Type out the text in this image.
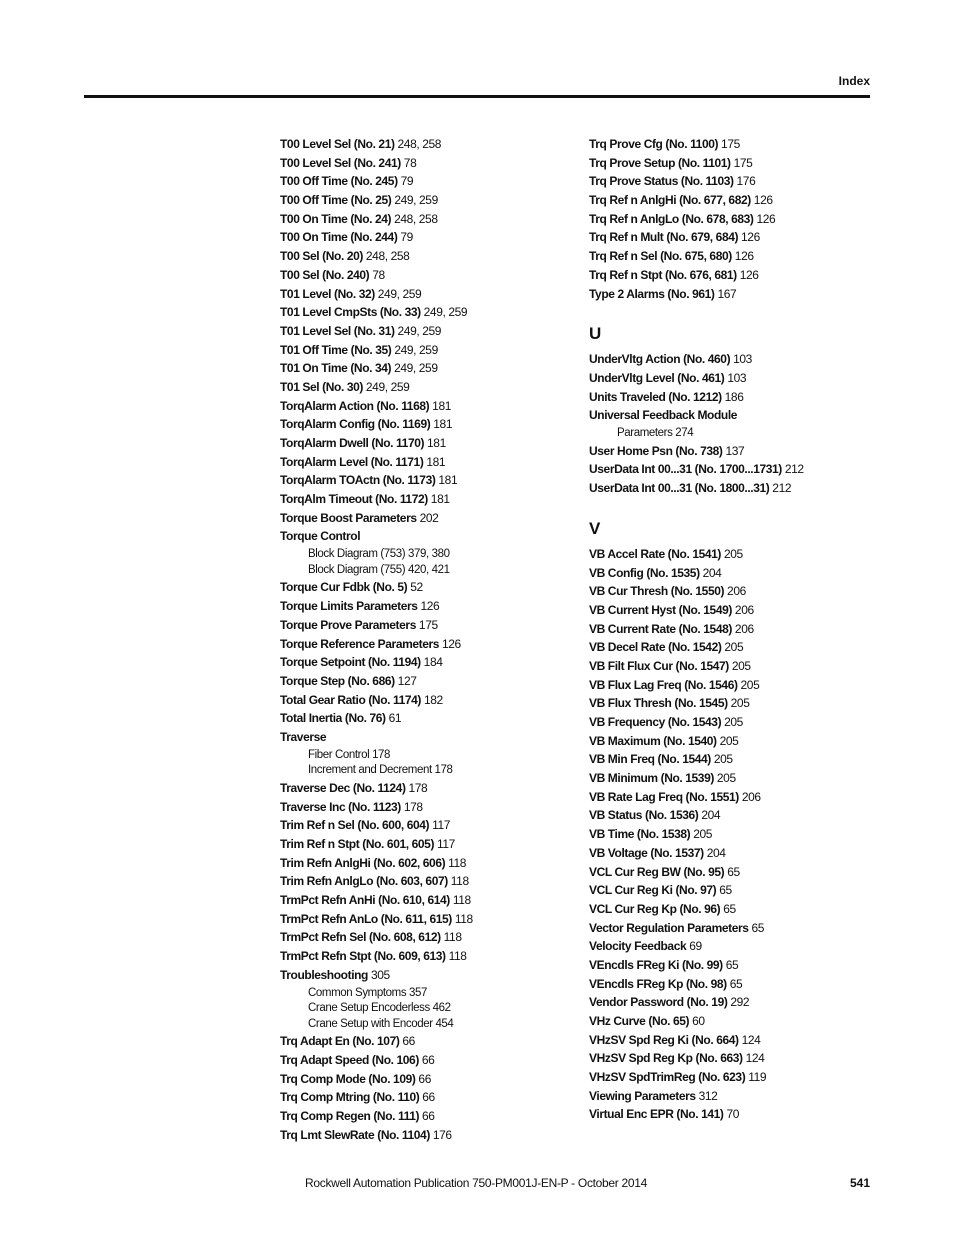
Index
T00 Level Sel (No. 21) 248, 258
T00 Level Sel (No. 241) 78
T00 Off Time (No. 245) 79
T00 Off Time (No. 25) 249, 259
T00 On Time (No. 24) 248, 258
T00 On Time (No. 244) 79
T00 Sel (No. 20) 248, 258
T00 Sel (No. 240) 78
T01 Level (No. 32) 249, 259
T01 Level CmpSts (No. 33) 249, 259
T01 Level Sel (No. 31) 249, 259
T01 Off Time (No. 35) 249, 259
T01 On Time (No. 34) 249, 259
T01 Sel (No. 30) 249, 259
TorqAlarm Action (No. 1168) 181
TorqAlarm Config (No. 1169) 181
TorqAlarm Dwell (No. 1170) 181
TorqAlarm Level (No. 1171) 181
TorqAlarm TOActn (No. 1173) 181
TorqAlm Timeout (No. 1172) 181
Torque Boost Parameters 202
Torque Control
Block Diagram (753) 379, 380
Block Diagram (755) 420, 421
Torque Cur Fdbk (No. 5) 52
Torque Limits Parameters 126
Torque Prove Parameters 175
Torque Reference Parameters 126
Torque Setpoint (No. 1194) 184
Torque Step (No. 686) 127
Total Gear Ratio (No. 1174) 182
Total Inertia (No. 76) 61
Traverse
Fiber Control 178
Increment and Decrement 178
Traverse Dec (No. 1124) 178
Traverse Inc (No. 1123) 178
Trim Ref n Sel (No. 600, 604) 117
Trim Ref n Stpt (No. 601, 605) 117
Trim Refn AnlgHi (No. 602, 606) 118
Trim Refn AnlgLo (No. 603, 607) 118
TrmPct Refn AnHi (No. 610, 614) 118
TrmPct Refn AnLo (No. 611, 615) 118
TrmPct Refn Sel (No. 608, 612) 118
TrmPct Refn Stpt (No. 609, 613) 118
Troubleshooting 305
Common Symptoms 357
Crane Setup Encoderless 462
Crane Setup with Encoder 454
Trq Adapt En (No. 107) 66
Trq Adapt Speed (No. 106) 66
Trq Comp Mode (No. 109) 66
Trq Comp Mtring (No. 110) 66
Trq Comp Regen (No. 111) 66
Trq Lmt SlewRate (No. 1104) 176
Trq Prove Cfg (No. 1100) 175
Trq Prove Setup (No. 1101) 175
Trq Prove Status (No. 1103) 176
Trq Ref n AnlgHi (No. 677, 682) 126
Trq Ref n AnlgLo (No. 678, 683) 126
Trq Ref n Mult (No. 679, 684) 126
Trq Ref n Sel (No. 675, 680) 126
Trq Ref n Stpt (No. 676, 681) 126
Type 2 Alarms (No. 961) 167
U
UnderVltg Action (No. 460) 103
UnderVltg Level (No. 461) 103
Units Traveled (No. 1212) 186
Universal Feedback Module
Parameters 274
User Home Psn (No. 738) 137
UserData Int 00...31 (No. 1700...1731) 212
UserData Int 00...31 (No. 1800...31) 212
V
VB Accel Rate (No. 1541) 205
VB Config (No. 1535) 204
VB Cur Thresh (No. 1550) 206
VB Current Hyst (No. 1549) 206
VB Current Rate (No. 1548) 206
VB Decel Rate (No. 1542) 205
VB Filt Flux Cur (No. 1547) 205
VB Flux Lag Freq (No. 1546) 205
VB Flux Thresh (No. 1545) 205
VB Frequency (No. 1543) 205
VB Maximum (No. 1540) 205
VB Min Freq (No. 1544) 205
VB Minimum (No. 1539) 205
VB Rate Lag Freq (No. 1551) 206
VB Status (No. 1536) 204
VB Time (No. 1538) 205
VB Voltage (No. 1537) 204
VCL Cur Reg BW (No. 95) 65
VCL Cur Reg Ki (No. 97) 65
VCL Cur Reg Kp (No. 96) 65
Vector Regulation Parameters 65
Velocity Feedback 69
VEncdls FReg Ki (No. 99) 65
VEncdls FReg Kp (No. 98) 65
Vendor Password (No. 19) 292
VHz Curve (No. 65) 60
VHzSV Spd Reg Ki (No. 664) 124
VHzSV Spd Reg Kp (No. 663) 124
VHzSV SpdTrimReg (No. 623) 119
Viewing Parameters 312
Virtual Enc EPR (No. 141) 70
Rockwell Automation Publication 750-PM001J-EN-P - October 2014	541
